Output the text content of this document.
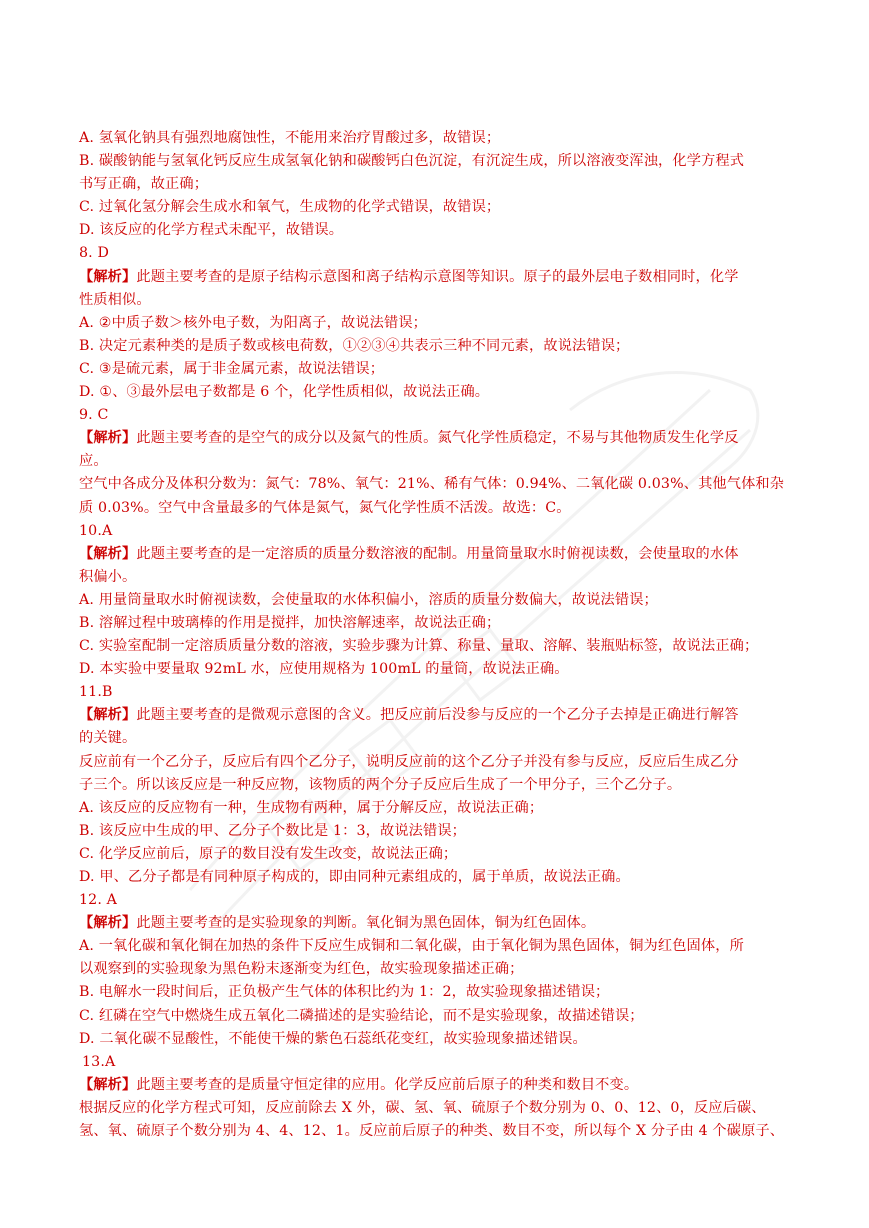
A. 氢氧化钠具有强烈地腐蚀性，不能用来治疗胃酸过多，故错误；
B. 碳酸钠能与氢氧化钙反应生成氢氧化钠和碳酸钙白色沉淀，有沉淀生成，所以溶液变浑浊，化学方程式
书写正确，故正确；
C. 过氧化氢分解会生成水和氧气，生成物的化学式错误，故错误；
D. 该反应的化学方程式未配平，故错误。
8. D
【解析】此题主要考查的是原子结构示意图和离子结构示意图等知识。原子的最外层电子数相同时，化学
性质相似。
A. ②中质子数＞核外电子数，为阳离子，故说法错误；
B. 决定元素种类的是质子数或核电荷数，①②③④共表示三种不同元素，故说法错误；
C. ③是硫元素，属于非金属元素，故说法错误；
D. ①、③最外层电子数都是 6 个，化学性质相似，故说法正确。
9. C
【解析】此题主要考查的是空气的成分以及氮气的性质。氮气化学性质稳定，不易与其他物质发生化学反
应。
空气中各成分及体积分数为：氮气：78%、氧气：21%、稀有气体：0.94%、二氧化碳 0.03%、其他气体和杂
质 0.03%。空气中含量最多的气体是氮气，氮气化学性质不活泼。故选：C。
10.A
【解析】此题主要考查的是一定溶质的质量分数溶液的配制。用量筒量取水时俯视读数，会使量取的水体
积偏小。
A. 用量筒量取水时俯视读数，会使量取的水体积偏小，溶质的质量分数偏大，故说法错误；
B. 溶解过程中玻璃棒的作用是搅拌，加快溶解速率，故说法正确；
C. 实验室配制一定溶质质量分数的溶液，实验步骤为计算、称量、量取、溶解、装瓶贴标签，故说法正确；
D. 本实验中要量取 92mL 水，应使用规格为 100mL 的量筒，故说法正确。
11.B
【解析】此题主要考查的是微观示意图的含义。把反应前后没参与反应的一个乙分子去掉是正确进行解答
的关键。
反应前有一个乙分子，反应后有四个乙分子，说明反应前的这个乙分子并没有参与反应，反应后生成乙分
子三个。所以该反应是一种反应物，该物质的两个分子反应后生成了一个甲分子，三个乙分子。
A. 该反应的反应物有一种，生成物有两种，属于分解反应，故说法正确；
B. 该反应中生成的甲、乙分子个数比是 1：3，故说法错误；
C. 化学反应前后，原子的数目没有发生改变，故说法正确；
D. 甲、乙分子都是有同种原子构成的，即由同种元素组成的，属于单质，故说法正确。
12. A
【解析】此题主要考查的是实验现象的判断。氧化铜为黑色固体，铜为红色固体。
A. 一氧化碳和氧化铜在加热的条件下反应生成铜和二氧化碳，由于氧化铜为黑色固体，铜为红色固体，所
以观察到的实验现象为黑色粉末逐渐变为红色，故实验现象描述正确；
B. 电解水一段时间后，正负极产生气体的体积比约为 1：2，故实验现象描述错误；
C. 红磷在空气中燃烧生成五氧化二磷描述的是实验结论，而不是实验现象，故描述错误；
D. 二氧化碳不显酸性，不能使干燥的紫色石蕊纸花变红，故实验现象描述错误。
13.A
【解析】此题主要考查的是质量守恒定律的应用。化学反应前后原子的种类和数目不变。
根据反应的化学方程式可知，反应前除去 X 外，碳、氢、氧、硫原子个数分别为 0、0、12、0，反应后碳、
氢、氧、硫原子个数分别为 4、4、12、1。反应前后原子的种类、数目不变，所以每个 X 分子由 4 个碳原子、
